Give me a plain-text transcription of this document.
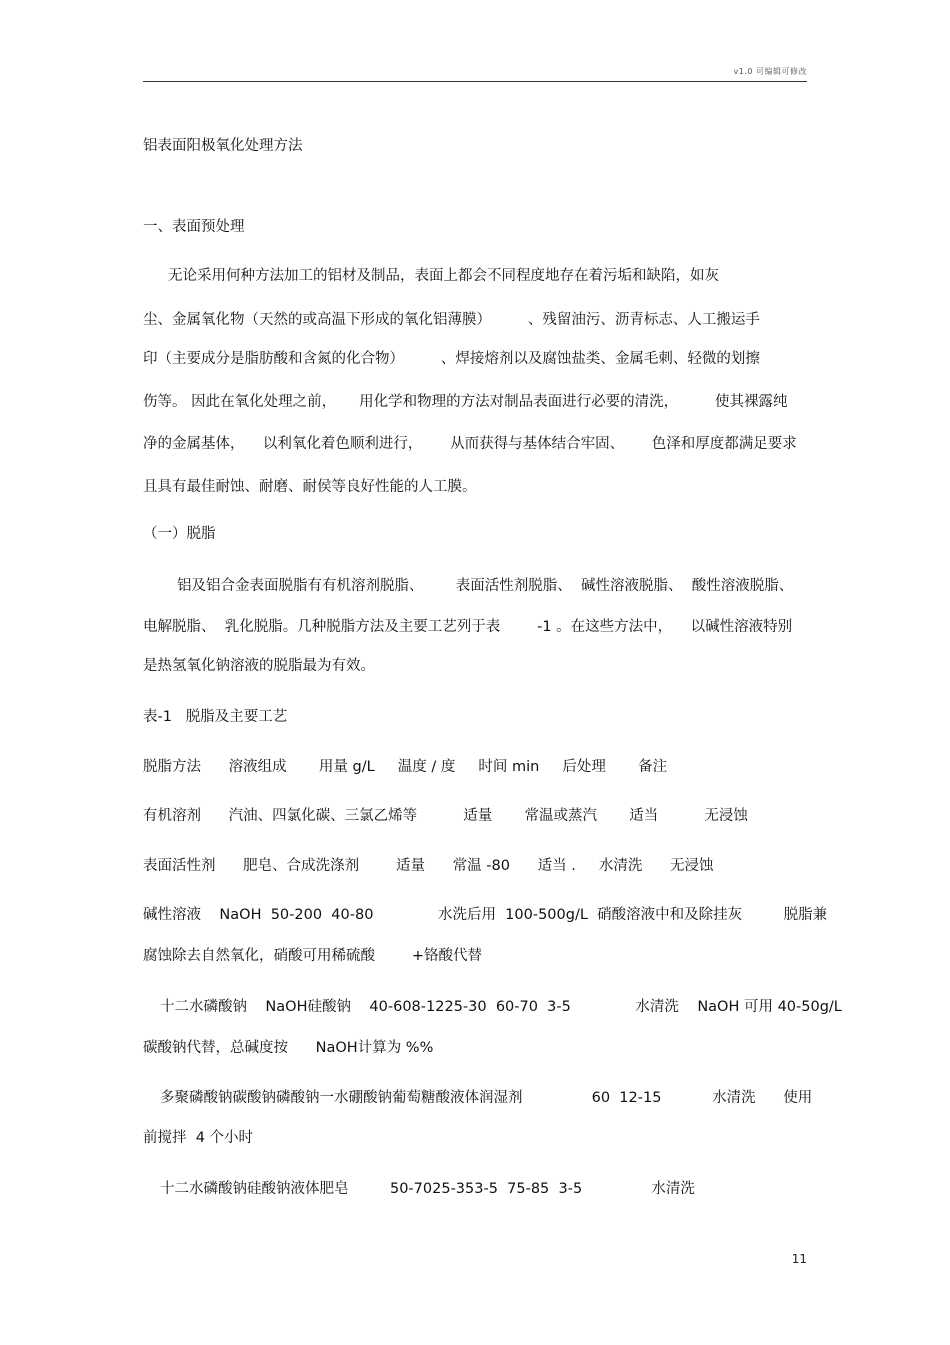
v1.0 可编辑可修改
铝表面阳极氧化处理方法
一、表面预处理
无论采用何种方法加工的铝材及制品，表面上都会不同程度地存在着污垢和缺陷，如灰
尘、金属氧化物（天然的或高温下形成的氧化铝薄膜）        、残留油污、沥青标志、人工搬运手
印（主要成分是脂肪酸和含氮的化合物）        、焊接熔剂以及腐蚀盐类、金属毛刺、轻微的划擦
伤等。 因此在氧化处理之前，     用化学和物理的方法对制品表面进行必要的清洗，        使其裸露纯
净的金属基体，    以利氧化着色顺利进行，      从而获得与基体结合牢固、      色泽和厚度都满足要求
且具有最佳耐蚀、耐磨、耐侯等良好性能的人工膜。
（一）脱脂
铝及铝合金表面脱脂有有机溶剂脱脂、       表面活性剂脱脂、  碱性溶液脱脂、  酸性溶液脱脂、
电解脱脂、  乳化脱脂。几种脱脂方法及主要工艺列于表        -1 。在这些方法中，    以碱性溶液特别
是热氢氧化钠溶液的脱脂最为有效。
表-1   脱脂及主要工艺
脱脂方法      溶液组成       用量 g/L     温度 / 度     时间 min     后处理       备注
有机溶剂      汽油、四氯化碳、三氯乙烯等          适量       常温或蒸汽       适当          无浸蚀
表面活性剂      肥皂、合成洗涤剂        适量      常温 -80      适当 .     水清洗      无浸蚀
碱性溶液    NaOH  50-200  40-80              水洗后用  100-500g/L  硝酸溶液中和及除挂灰         脱脂兼
腐蚀除去自然氧化，硝酸可用稀硫酸        +铬酸代替
十二水磷酸钠    NaOH硅酸钠    40-608-1225-30  60-70  3-5              水清洗    NaOH 可用 40-50g/L
碳酸钠代替，总碱度按      NaOH计算为 %%
多聚磷酸钠碳酸钠磷酸钠一水硼酸钠葡萄糖酸液体润湿剂               60  12-15           水清洗      使用
前搅拌  4 个小时
十二水磷酸钠硅酸钠液体肥皂         50-7025-353-5  75-85  3-5               水清洗
11
